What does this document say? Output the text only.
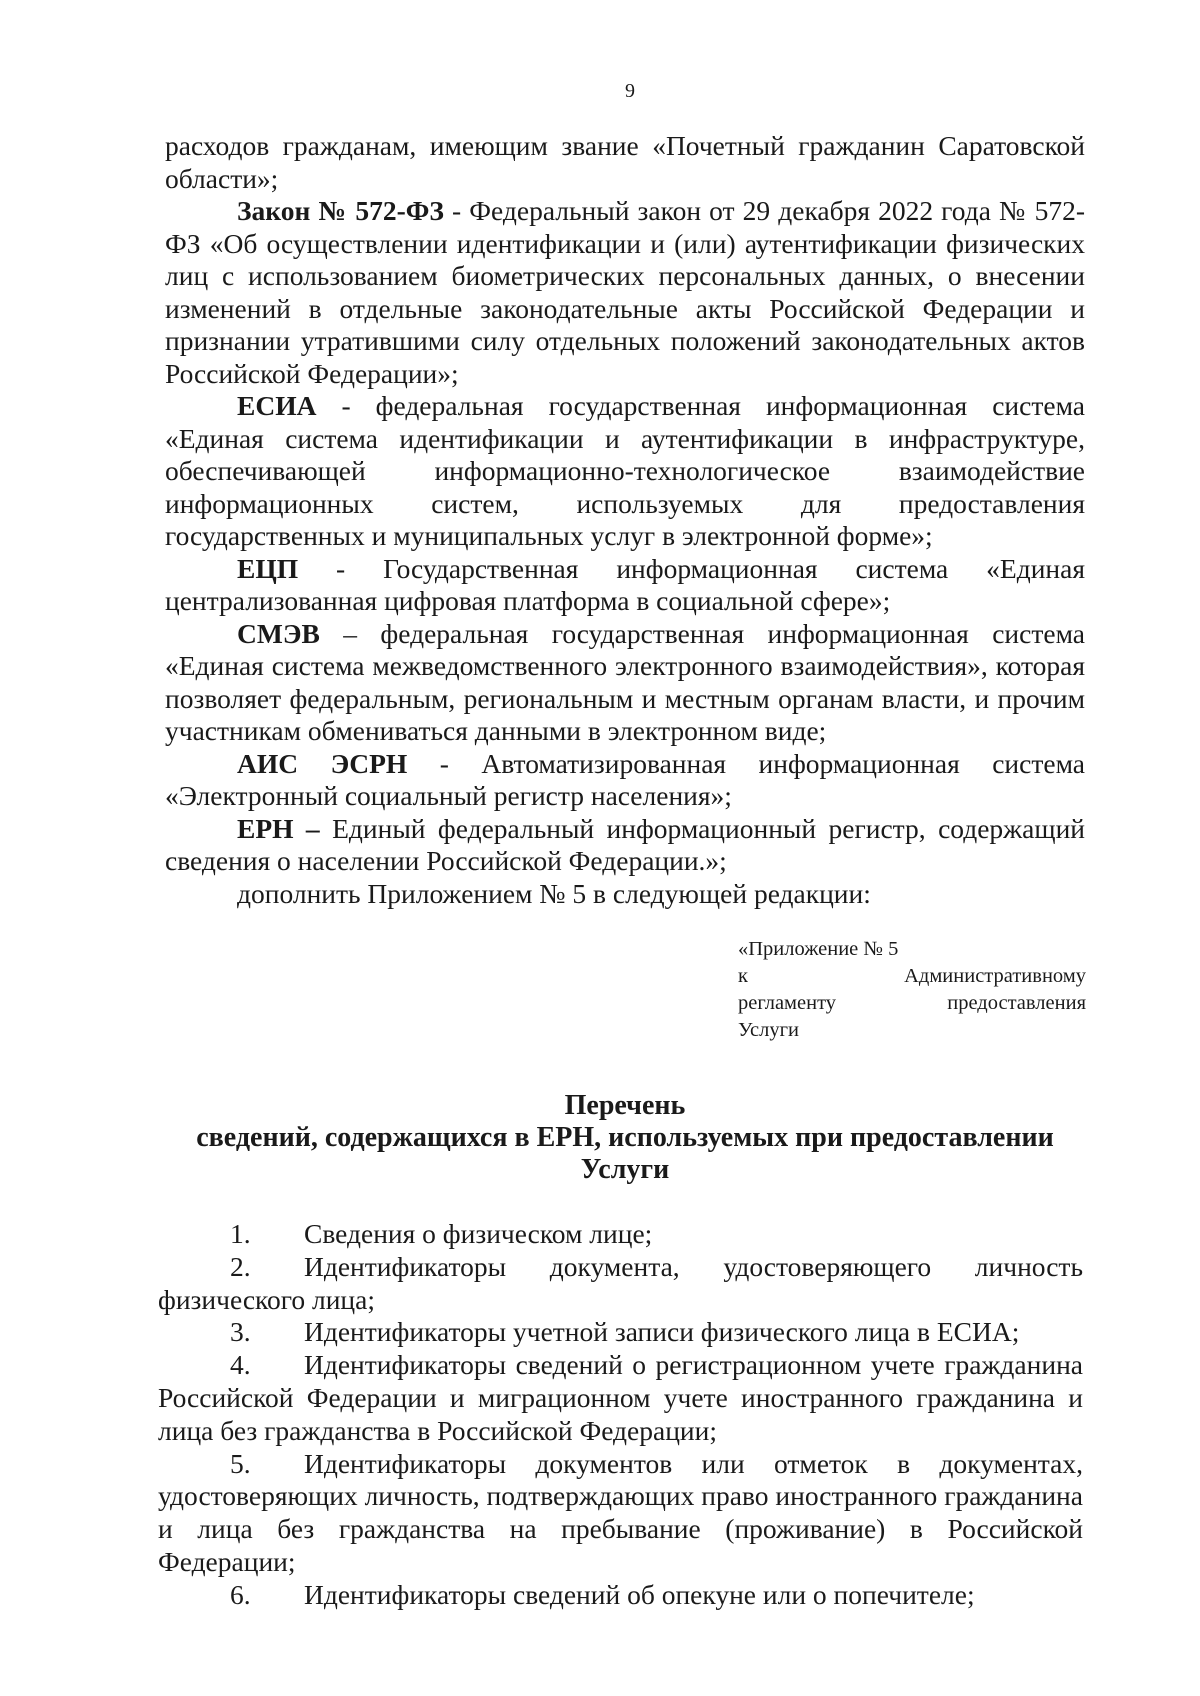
9

расходов гражданам, имеющим звание «Почетный гражданин Саратовской области»;

Закон № 572-ФЗ - Федеральный закон от 29 декабря 2022 года № 572-ФЗ «Об осуществлении идентификации и (или) аутентификации физических лиц с использованием биометрических персональных данных, о внесении изменений в отдельные законодательные акты Российской Федерации и признании утратившими силу отдельных положений законодательных актов Российской Федерации»;

ЕСИА - федеральная государственная информационная система «Единая система идентификации и аутентификации в инфраструктуре, обеспечивающей информационно-технологическое взаимодействие информационных систем, используемых для предоставления государственных и муниципальных услуг в электронной форме»;

ЕЦП - Государственная информационная система «Единая централизованная цифровая платформа в социальной сфере»;

СМЭВ – федеральная государственная информационная система «Единая система межведомственного электронного взаимодействия», которая позволяет федеральным, региональным и местным органам власти, и прочим участникам обмениваться данными в электронном виде;

АИС ЭСРН - Автоматизированная информационная система «Электронный социальный регистр населения»;

ЕРН – Единый федеральный информационный регистр, содержащий сведения о населении Российской Федерации.»;

дополнить Приложением № 5 в следующей редакции:

«Приложение № 5
к Административному
регламенту предоставления
Услуги
Перечень
сведений, содержащихся в ЕРН, используемых при предоставлении
Услуги

1. Сведения о физическом лице;

2. Идентификаторы документа, удостоверяющего личность физического лица;

3. Идентификаторы учетной записи физического лица в ЕСИА;

4. Идентификаторы сведений о регистрационном учете гражданина Российской Федерации и миграционном учете иностранного гражданина и лица без гражданства в Российской Федерации;

5. Идентификаторы документов или отметок в документах, удостоверяющих личность, подтверждающих право иностранного гражданина и лица без гражданства на пребывание (проживание) в Российской Федерации;

6. Идентификаторы сведений об опекуне или о попечителе;
